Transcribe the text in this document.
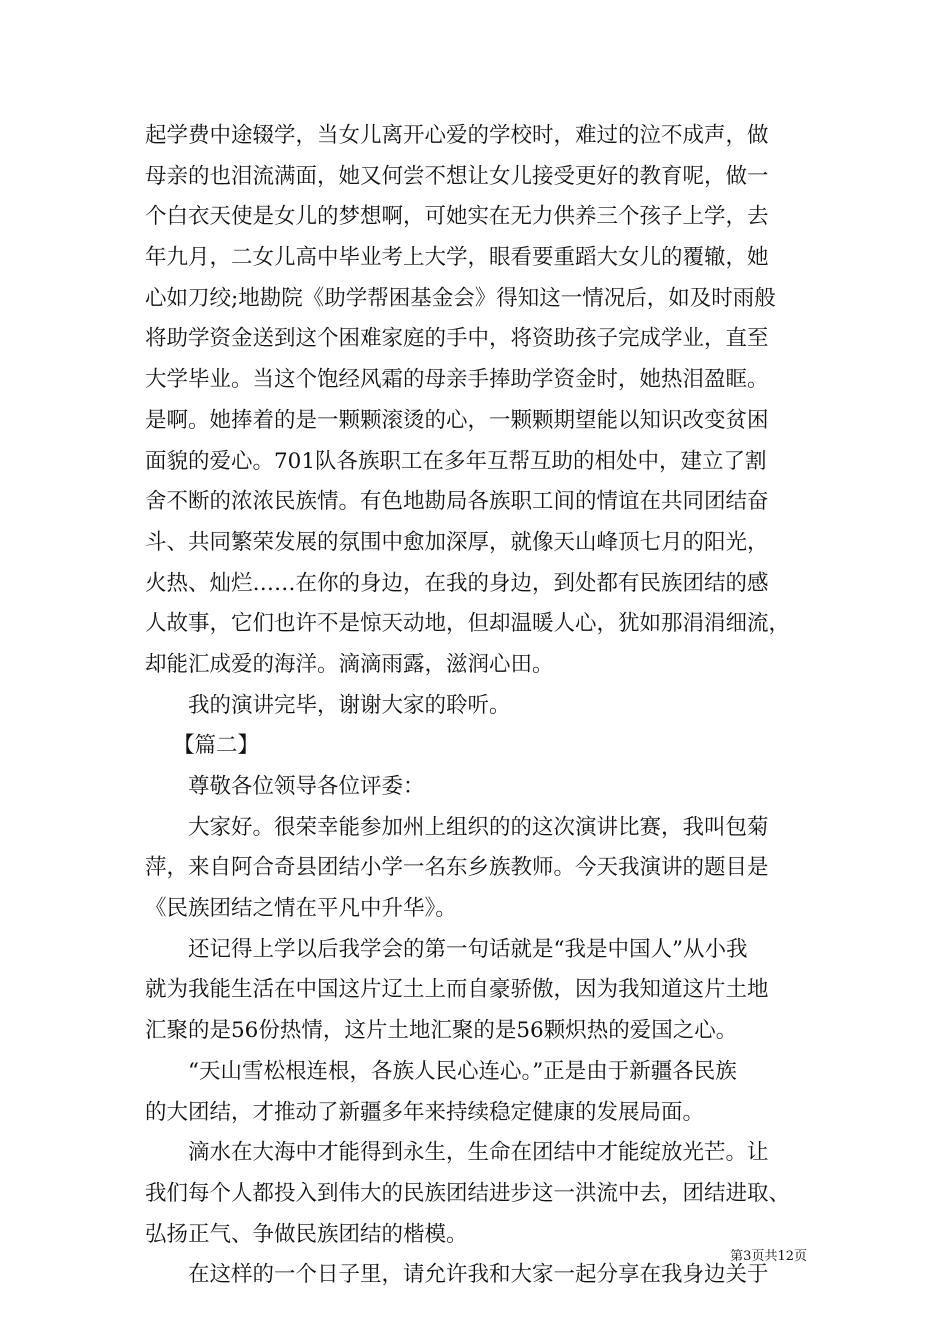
起学费中途辍学，当女儿离开心爱的学校时，难过的泣不成声，做
母亲的也泪流满面，她又何尝不想让女儿接受更好的教育呢，做一
个白衣天使是女儿的梦想啊，可她实在无力供养三个孩子上学，去
年九月，二女儿高中毕业考上大学，眼看要重蹈大女儿的覆辙，她
心如刀绞;地勘院《助学帮困基金会》得知这一情况后，如及时雨般
将助学资金送到这个困难家庭的手中，将资助孩子完成学业，直至
大学毕业。当这个饱经风霜的母亲手捧助学资金时，她热泪盈眶。
是啊。她捧着的是一颗颗滚烫的心，一颗颗期望能以知识改变贫困
面貌的爱心。701队各族职工在多年互帮互助的相处中，建立了割
舍不断的浓浓民族情。有色地勘局各族职工间的情谊在共同团结奋
斗、共同繁荣发展的氛围中愈加深厚，就像天山峰顶七月的阳光，
火热、灿烂……在你的身边，在我的身边，到处都有民族团结的感
人故事，它们也许不是惊天动地，但却温暖人心，犹如那涓涓细流，
却能汇成爱的海洋。滴滴雨露，滋润心田。
我的演讲完毕，谢谢大家的聆听。
【篇二】
尊敬各位领导各位评委：
大家好。很荣幸能参加州上组织的的这次演讲比赛，我叫包菊
萍，来自阿合奇县团结小学一名东乡族教师。今天我演讲的题目是
《民族团结之情在平凡中升华》。
还记得上学以后我学会的第一句话就是“我是中国人”从小我
就为我能生活在中国这片辽土上而自豪骄傲，因为我知道这片土地
汇聚的是56份热情，这片土地汇聚的是56颗炽热的爱国之心。
“天山雪松根连根，各族人民心连心。”正是由于新疆各民族
的大团结，才推动了新疆多年来持续稳定健康的发展局面。
滴水在大海中才能得到永生，生命在团结中才能绽放光芒。让
我们每个人都投入到伟大的民族团结进步这一洪流中去，团结进取、
弘扬正气、争做民族团结的楷模。
在这样的一个日子里，请允许我和大家一起分享在我身边关于
第3页共12页
